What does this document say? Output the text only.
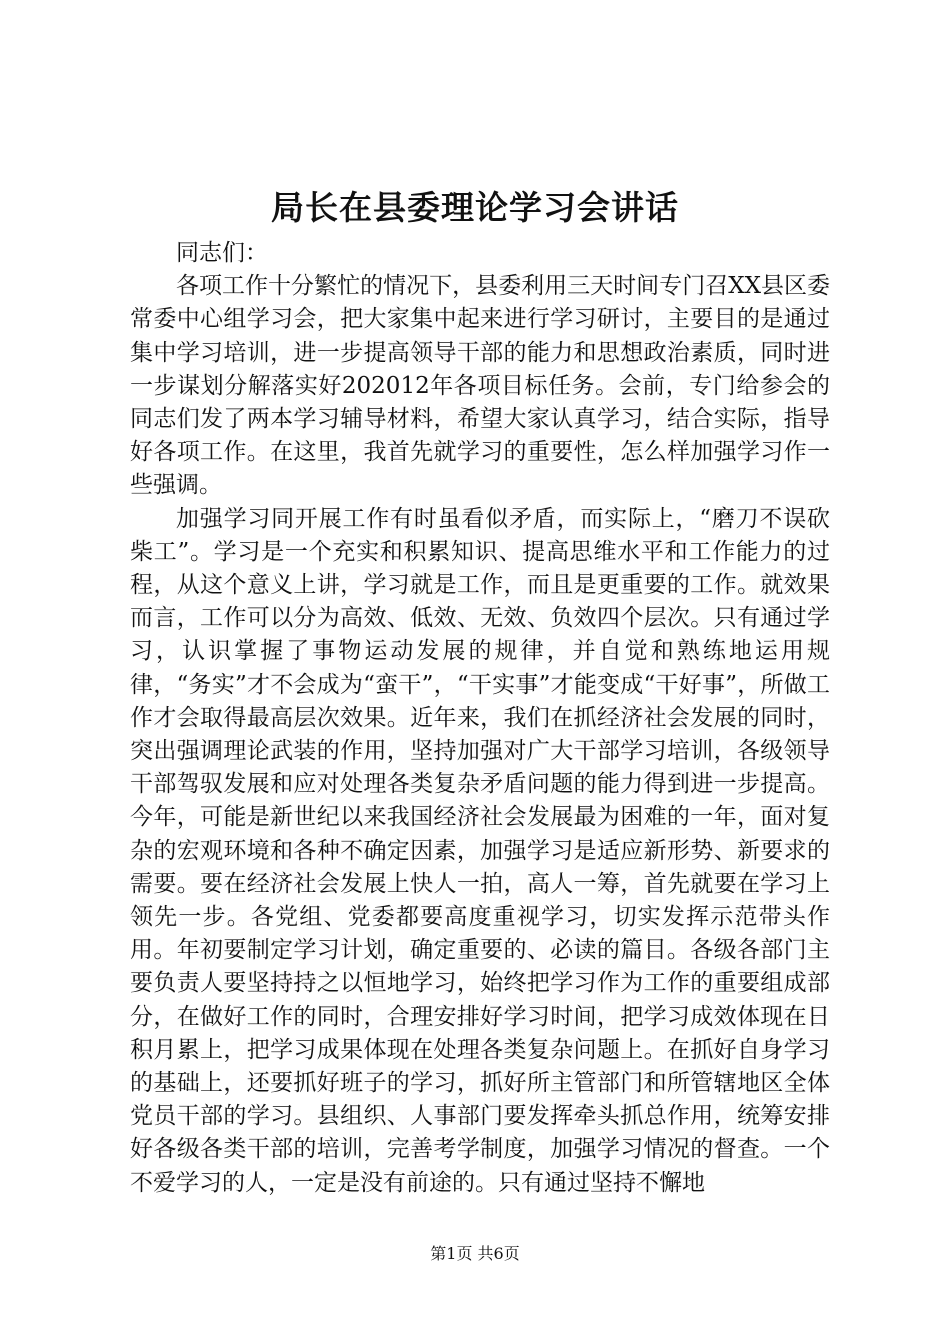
局长在县委理论学习会讲话

同志们：

各项工作十分繁忙的情况下，县委利用三天时间专门召XX县区委常委中心组学习会，把大家集中起来进行学习研讨，主要目的是通过集中学习培训，进一步提高领导干部的能力和思想政治素质，同时进一步谋划分解落实好202012年各项目标任务。会前，专门给参会的同志们发了两本学习辅导材料，希望大家认真学习，结合实际，指导好各项工作。在这里，我首先就学习的重要性，怎么样加强学习作一些强调。

加强学习同开展工作有时虽看似矛盾，而实际上，“磨刀不误砍柴工”。学习是一个充实和积累知识、提高思维水平和工作能力的过程，从这个意义上讲，学习就是工作，而且是更重要的工作。就效果而言，工作可以分为高效、低效、无效、负效四个层次。只有通过学习，认识掌握了事物运动发展的规律，并自觉和熟练地运用规律，“务实”才不会成为“蛮干”，“干实事”才能变成“干好事”，所做工作才会取得最高层次效果。近年来，我们在抓经济社会发展的同时，突出强调理论武装的作用，坚持加强对广大干部学习培训，各级领导干部驾驭发展和应对处理各类复杂矛盾问题的能力得到进一步提高。今年，可能是新世纪以来我国经济社会发展最为困难的一年，面对复杂的宏观环境和各种不确定因素，加强学习是适应新形势、新要求的需要。要在经济社会发展上快人一拍，高人一筹，首先就要在学习上领先一步。各党组、党委都要高度重视学习，切实发挥示范带头作用。年初要制定学习计划，确定重要的、必读的篇目。各级各部门主要负责人要坚持持之以恒地学习，始终把学习作为工作的重要组成部分，在做好工作的同时，合理安排好学习时间，把学习成效体现在日积月累上，把学习成果体现在处理各类复杂问题上。在抓好自身学习的基础上，还要抓好班子的学习，抓好所主管部门和所管辖地区全体党员干部的学习。县组织、人事部门要发挥牵头抓总作用，统筹安排好各级各类干部的培训，完善考学制度，加强学习情况的督查。一个不爱学习的人，一定是没有前途的。只有通过坚持不懈地

第1页 共6页
